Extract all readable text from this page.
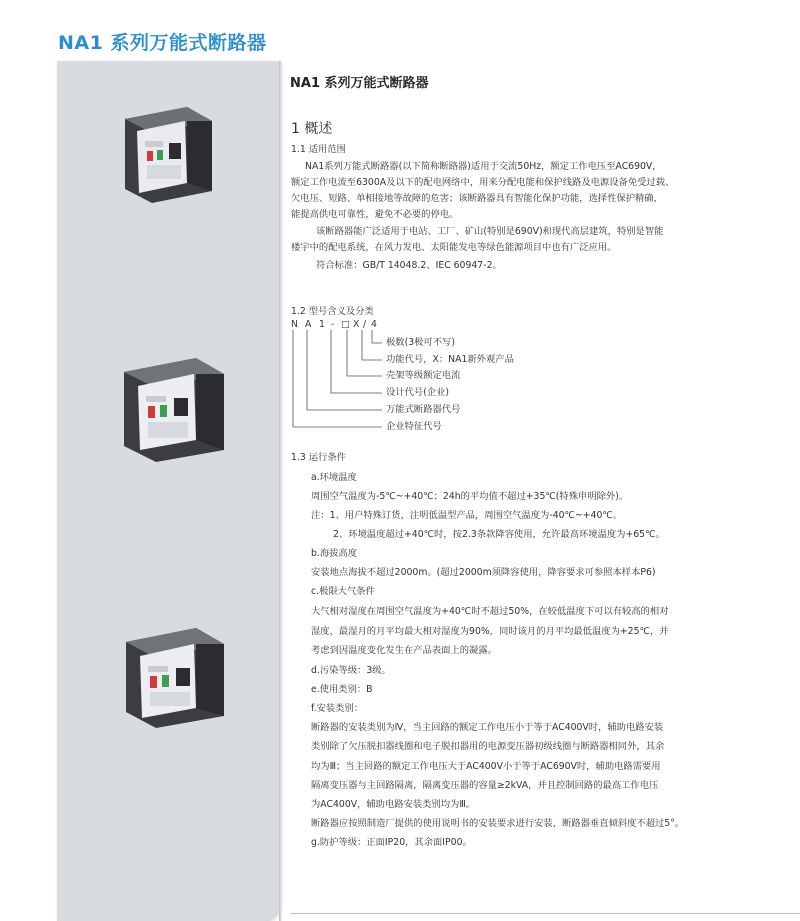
NA1 系列万能式断路器
NA1 系列万能式断路器
1 概述
1.1 适用范围
NA1系列万能式断路器(以下简称断路器)适用于交流50Hz，额定工作电压至AC690V，
额定工作电流至6300A及以下的配电网络中，用来分配电能和保护线路及电源设备免受过载、
欠电压、短路、单相接地等故障的危害；该断路器具有智能化保护功能，选择性保护精确，
能提高供电可靠性，避免不必要的停电。
该断路器能广泛适用于电站、工厂、矿山(特别是690V)和现代高层建筑，特别是智能
楼宇中的配电系统，在风力发电、太阳能发电等绿色能源项目中也有广泛应用。
符合标准：GB/T 14048.2、IEC 60947-2。
1.2 型号含义及分类
N A 1 - □ X / 4
极数(3极可不写)
功能代号，X：NA1新外观产品
壳架等级额定电流
设计代号(企业)
万能式断路器代号
企业特征代号
1.3 运行条件
a.环境温度
周围空气温度为-5℃~+40℃；24h的平均值不超过+35℃(特殊申明除外)。
注：1、用户特殊订货，注明低温型产品，周围空气温度为-40℃~+40℃。
2、环境温度超过+40℃时，按2.3条款降容使用，允许最高环境温度为+65℃。
b.海拔高度
安装地点海拔不超过2000m。(超过2000m须降容使用，降容要求可参照本样本P6)
c.极限大气条件
大气相对湿度在周围空气温度为+40℃时不超过50%，在较低温度下可以有较高的相对
湿度，最湿月的月平均最大相对湿度为90%，同时该月的月平均最低温度为+25℃，并
考虑到因温度变化发生在产品表面上的凝露。
d.污染等级：3级。
e.使用类别：B
f.安装类别：
断路器的安装类别为Ⅳ，当主回路的额定工作电压小于等于AC400V时，辅助电路安装
类别除了欠压脱扣器线圈和电子脱扣器用的电源变压器初级线圈与断路器相同外，其余
均为Ⅲ；当主回路的额定工作电压大于AC400V小于等于AC690V时，辅助电路需要用
隔离变压器与主回路隔离，隔离变压器的容量≥2kVA，并且控制回路的最高工作电压
为AC400V，辅助电路安装类别均为Ⅲ。
断路器应按照制造厂提供的使用说明书的安装要求进行安装，断路器垂直倾斜度不超过5°。
g.防护等级：正面IP20，其余面IP00。
